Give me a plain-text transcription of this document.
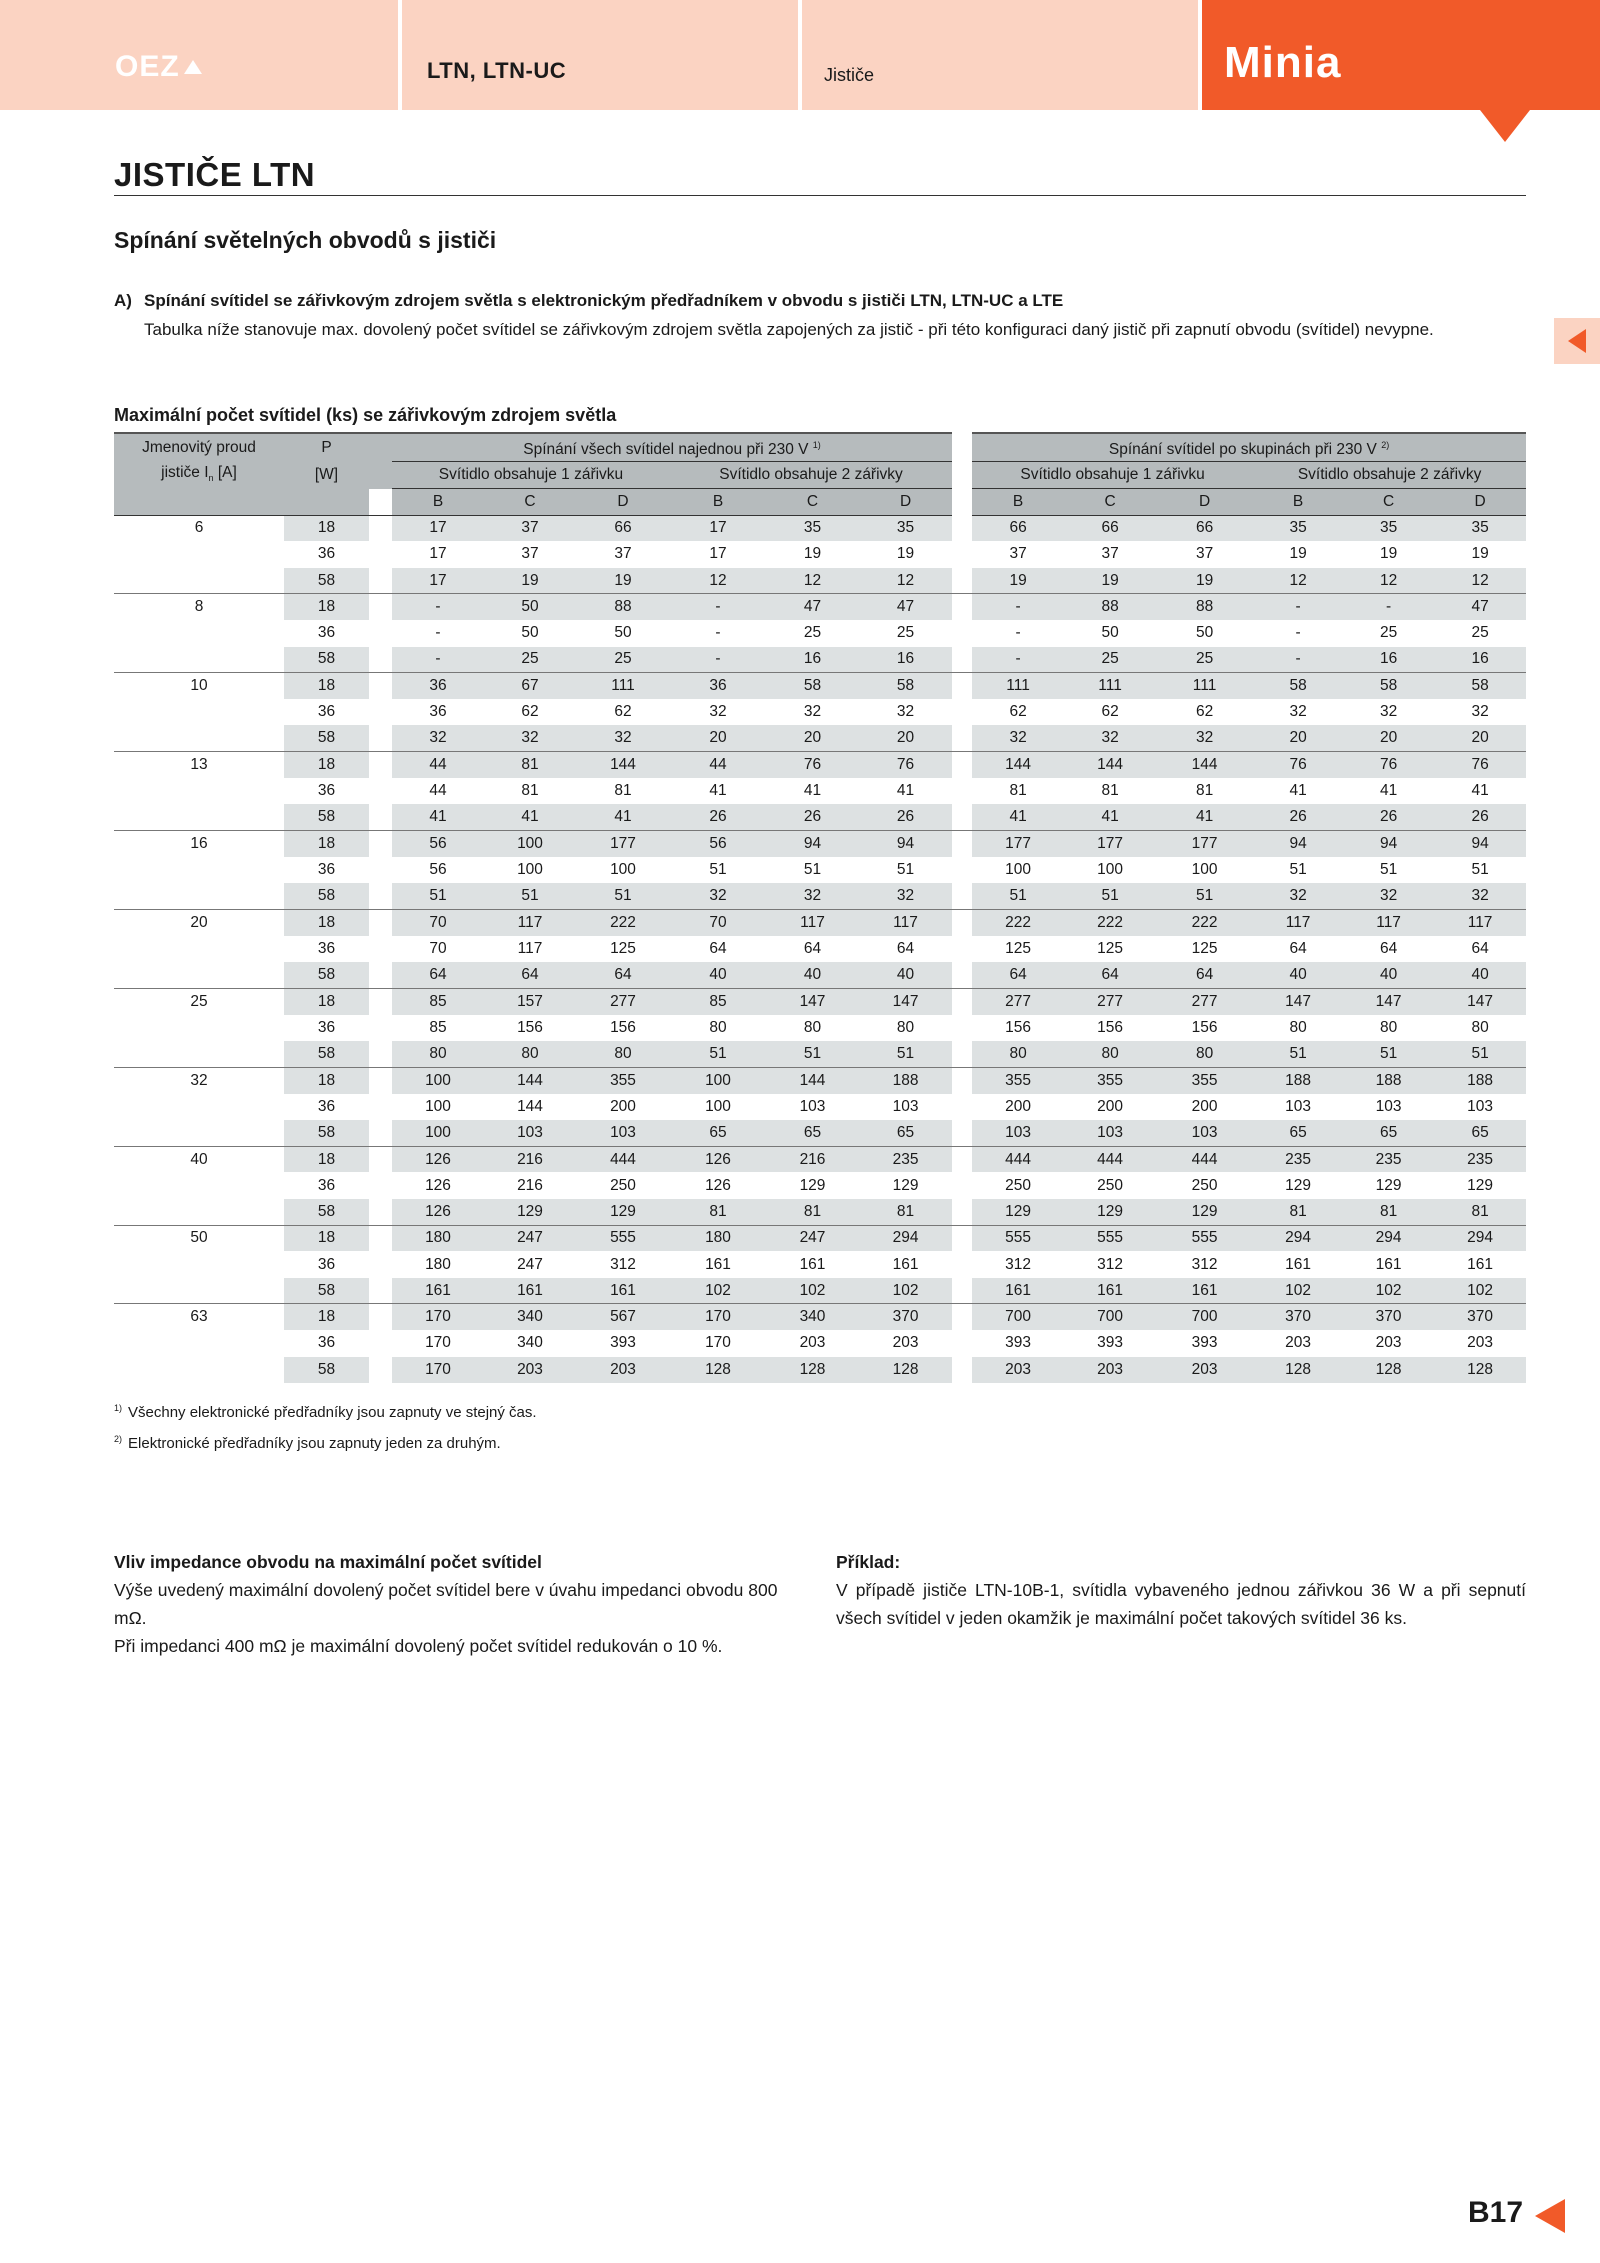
OEZ	LTN, LTN-UC	Jističe	Minia
JISTIČE LTN
Spínání světelných obvodů s jističi
A) Spínání svítidel se zářivkovým zdrojem světla s elektronickým předřadníkem v obvodu s jističi LTN, LTN-UC a LTE
Tabulka níže stanovuje max. dovolený počet svítidel se zářivkovým zdrojem světla zapojených za jistič - při této konfiguraci daný jistič při zapnutí obvodu (svítidel) nevypne.
Maximální počet svítidel (ks) se zářivkovým zdrojem světla
Jmenovitý proud	P		Spínání všech svítidel najednou při 230 V $^{1)}$							Spínání svítidel po skupinách při 230 V $^{2)}$
jističe $I_n$ [A]	[W]		Svítidlo obsahuje 1 zářivku			Svítidlo obsahuje 2 zářivky				Svítidlo obsahuje 1 zářivku			Svítidlo obsahuje 2 zářivky		
			B	C	D	B	C	D		B	C	D	B	C	D
6	18		17	37	66	17	35	35		66	66	66	35	35	35
	36		17	37	37	17	19	19		37	37	37	19	19	19
	58		17	19	19	12	12	12		19	19	19	12	12	12
8	18		-	50	88	-	47	47		-	88	88	-	-	47
	36		-	50	50	-	25	25		-	50	50	-	25	25
	58		-	25	25	-	16	16		-	25	25	-	16	16
10	18		36	67	111	36	58	58		111	111	111	58	58	58
	36		36	62	62	32	32	32		62	62	62	32	32	32
	58		32	32	32	20	20	20		32	32	32	20	20	20
13	18		44	81	144	44	76	76		144	144	144	76	76	76
	36		44	81	81	41	41	41		81	81	81	41	41	41
	58		41	41	41	26	26	26		41	41	41	26	26	26
16	18		56	100	177	56	94	94		177	177	177	94	94	94
	36		56	100	100	51	51	51		100	100	100	51	51	51
	58		51	51	51	32	32	32		51	51	51	32	32	32
20	18		70	117	222	70	117	117		222	222	222	117	117	117
	36		70	117	125	64	64	64		125	125	125	64	64	64
	58		64	64	64	40	40	40		64	64	64	40	40	40
25	18		85	157	277	85	147	147		277	277	277	147	147	147
	36		85	156	156	80	80	80		156	156	156	80	80	80
	58		80	80	80	51	51	51		80	80	80	51	51	51
32	18		100	144	355	100	144	188		355	355	355	188	188	188
	36		100	144	200	100	103	103		200	200	200	103	103	103
	58		100	103	103	65	65	65		103	103	103	65	65	65
40	18		126	216	444	126	216	235		444	444	444	235	235	235
	36		126	216	250	126	129	129		250	250	250	129	129	129
	58		126	129	129	81	81	81		129	129	129	81	81	81
50	18		180	247	555	180	247	294		555	555	555	294	294	294
	36		180	247	312	161	161	161		312	312	312	161	161	161
	58		161	161	161	102	102	102		161	161	161	102	102	102
63	18		170	340	567	170	340	370		700	700	700	370	370	370
	36		170	340	393	170	203	203		393	393	393	203	203	203
	58		170	203	203	128	128	128		203	203	203	128	128	128
$^{1)}$ Všechny elektronické předřadníky jsou zapnuty ve stejný čas.
$^{2)}$ Elektronické předřadníky jsou zapnuty jeden za druhým.
Vliv impedance obvodu na maximální počet svítidel
Výše uvedený maximální dovolený počet svítidel bere v úvahu impedanci obvodu 800 mΩ.
Při impedanci 400 mΩ je maximální dovolený počet svítidel redukován o 10 %.
Příklad:
V případě jističe LTN-10B-1, svítidla vybaveného jednou zářivkou 36 W a při sepnutí všech svítidel v jeden okamžik je maximální počet takových svítidel 36 ks.
B17
